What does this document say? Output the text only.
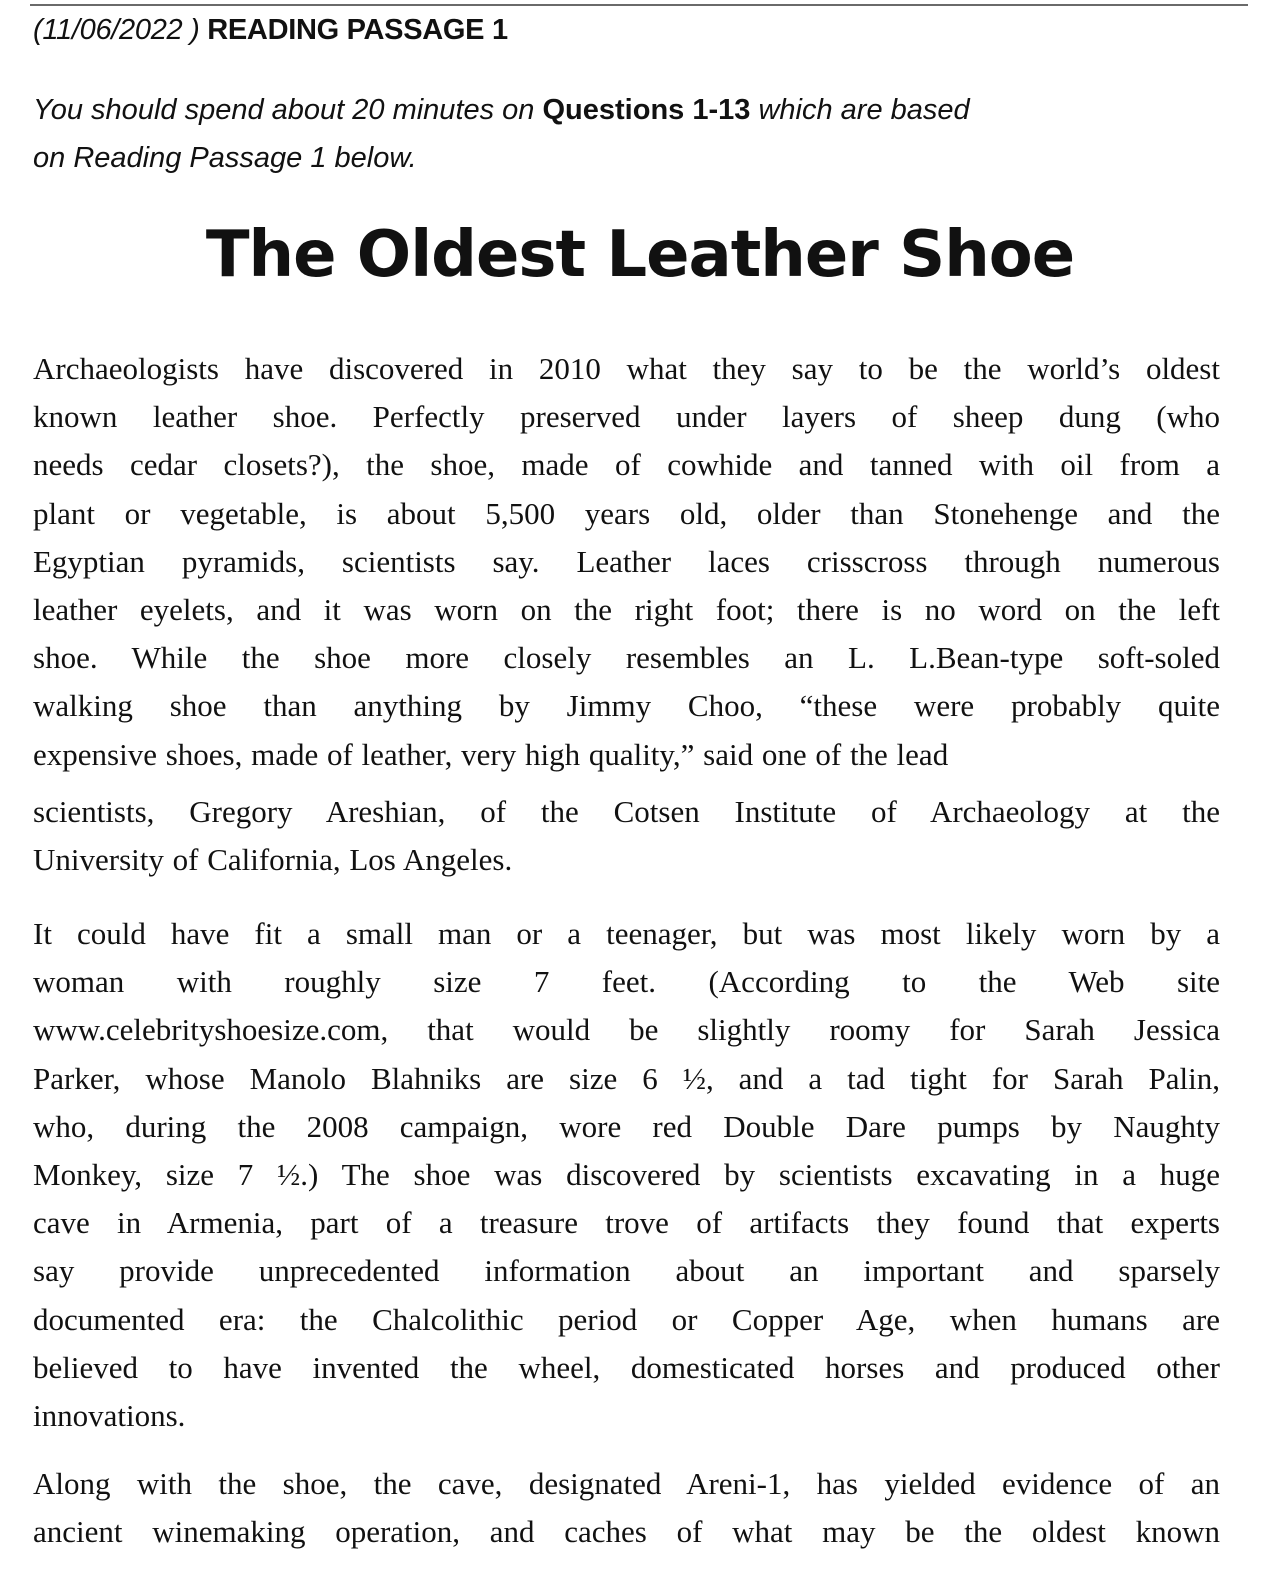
(11/06/2022 ) READING PASSAGE 1
You should spend about 20 minutes on Questions 1-13 which are based
on Reading Passage 1 below.
The Oldest Leather Shoe
Archaeologists have discovered in 2010 what they say to be the world’s oldest
known leather shoe. Perfectly preserved under layers of sheep dung (who
needs cedar closets?), the shoe, made of cowhide and tanned with oil from a
plant or vegetable, is about 5,500 years old, older than Stonehenge and the
Egyptian pyramids, scientists say. Leather laces crisscross through numerous
leather eyelets, and it was worn on the right foot; there is no word on the left
shoe. While the shoe more closely resembles an L. L.Bean-type soft-soled
walking shoe than anything by Jimmy Choo, “these were probably quite
expensive shoes, made of leather, very high quality,” said one of the lead
scientists, Gregory Areshian, of the Cotsen Institute of Archaeology at the
University of California, Los Angeles.
It could have fit a small man or a teenager, but was most likely worn by a
woman with roughly size 7 feet. (According to the Web site
www.celebrityshoesize.com, that would be slightly roomy for Sarah Jessica
Parker, whose Manolo Blahniks are size 6 ½, and a tad tight for Sarah Palin,
who, during the 2008 campaign, wore red Double Dare pumps by Naughty
Monkey, size 7 ½.) The shoe was discovered by scientists excavating in a huge
cave in Armenia, part of a treasure trove of artifacts they found that experts
say provide unprecedented information about an important and sparsely
documented era: the Chalcolithic period or Copper Age, when humans are
believed to have invented the wheel, domesticated horses and produced other
innovations.
Along with the shoe, the cave, designated Areni-1, has yielded evidence of an
ancient winemaking operation, and caches of what may be the oldest known
